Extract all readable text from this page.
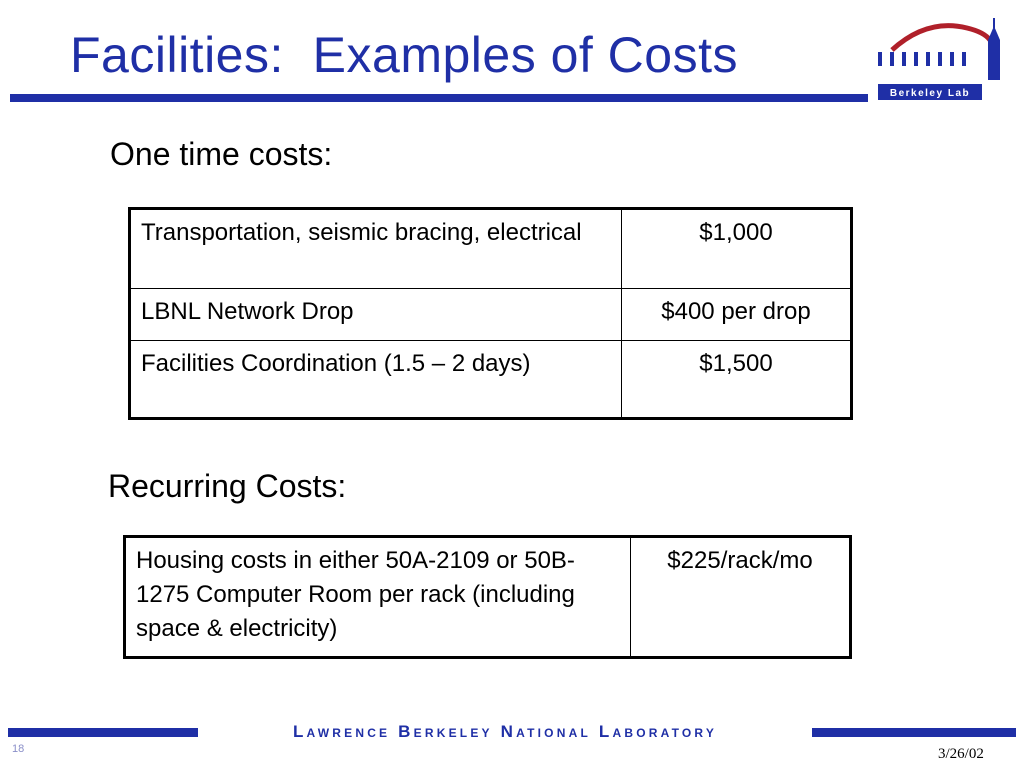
Facilities:  Examples of Costs
Berkeley Lab
One time costs:
Transportation, seismic bracing, electrical	$1,000
LBNL Network Drop	$400 per drop
Facilities Coordination (1.5 – 2 days)	$1,500
Recurring Costs:
Housing costs in either 50A-2109 or 50B-1275 Computer Room per rack (including space & electricity)	$225/rack/mo
Lawrence Berkeley National Laboratory
18	3/26/02
